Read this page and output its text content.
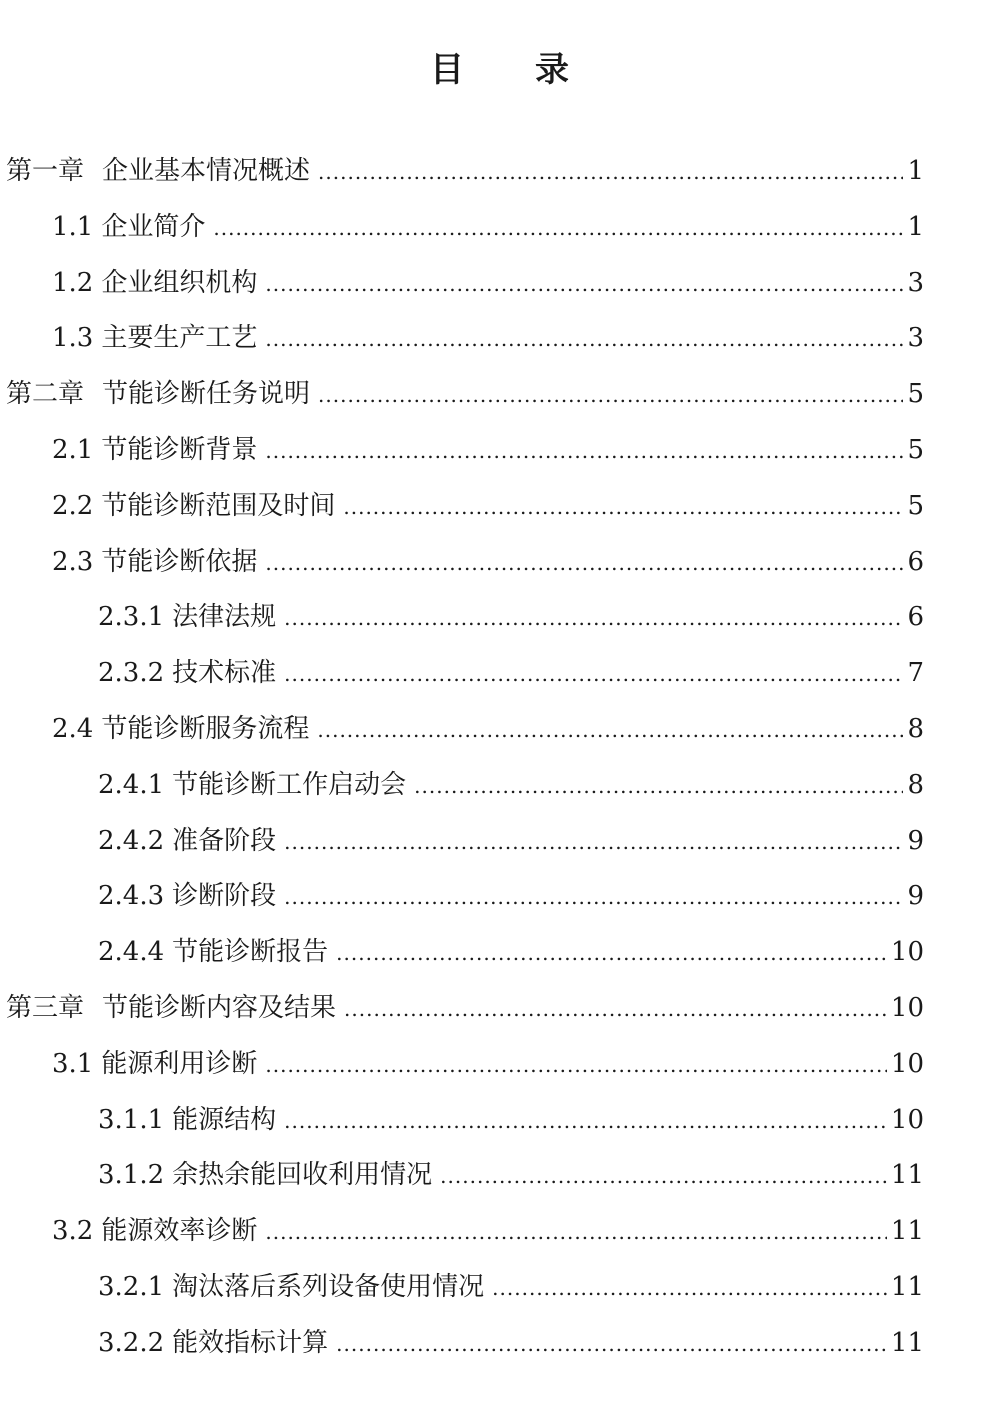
目 录
第一章 企业基本情况概述 .....	1
1.1 企业简介 .....	1
1.2 企业组织机构 .....	3
1.3 主要生产工艺 .....	3
第二章 节能诊断任务说明 .....	5
2.1 节能诊断背景 .....	5
2.2 节能诊断范围及时间 .....	5
2.3 节能诊断依据 .....	6
2.3.1 法律法规 .....	6
2.3.2 技术标准 .....	7
2.4 节能诊断服务流程 .....	8
2.4.1 节能诊断工作启动会 .....	8
2.4.2 准备阶段 .....	9
2.4.3 诊断阶段 .....	9
2.4.4 节能诊断报告 .....	10
第三章 节能诊断内容及结果 .....	10
3.1 能源利用诊断 .....	10
3.1.1 能源结构 .....	10
3.1.2 余热余能回收利用情况 .....	11
3.2 能源效率诊断 .....	11
3.2.1 淘汰落后系列设备使用情况 .....	11
3.2.2 能效指标计算 .....	11
